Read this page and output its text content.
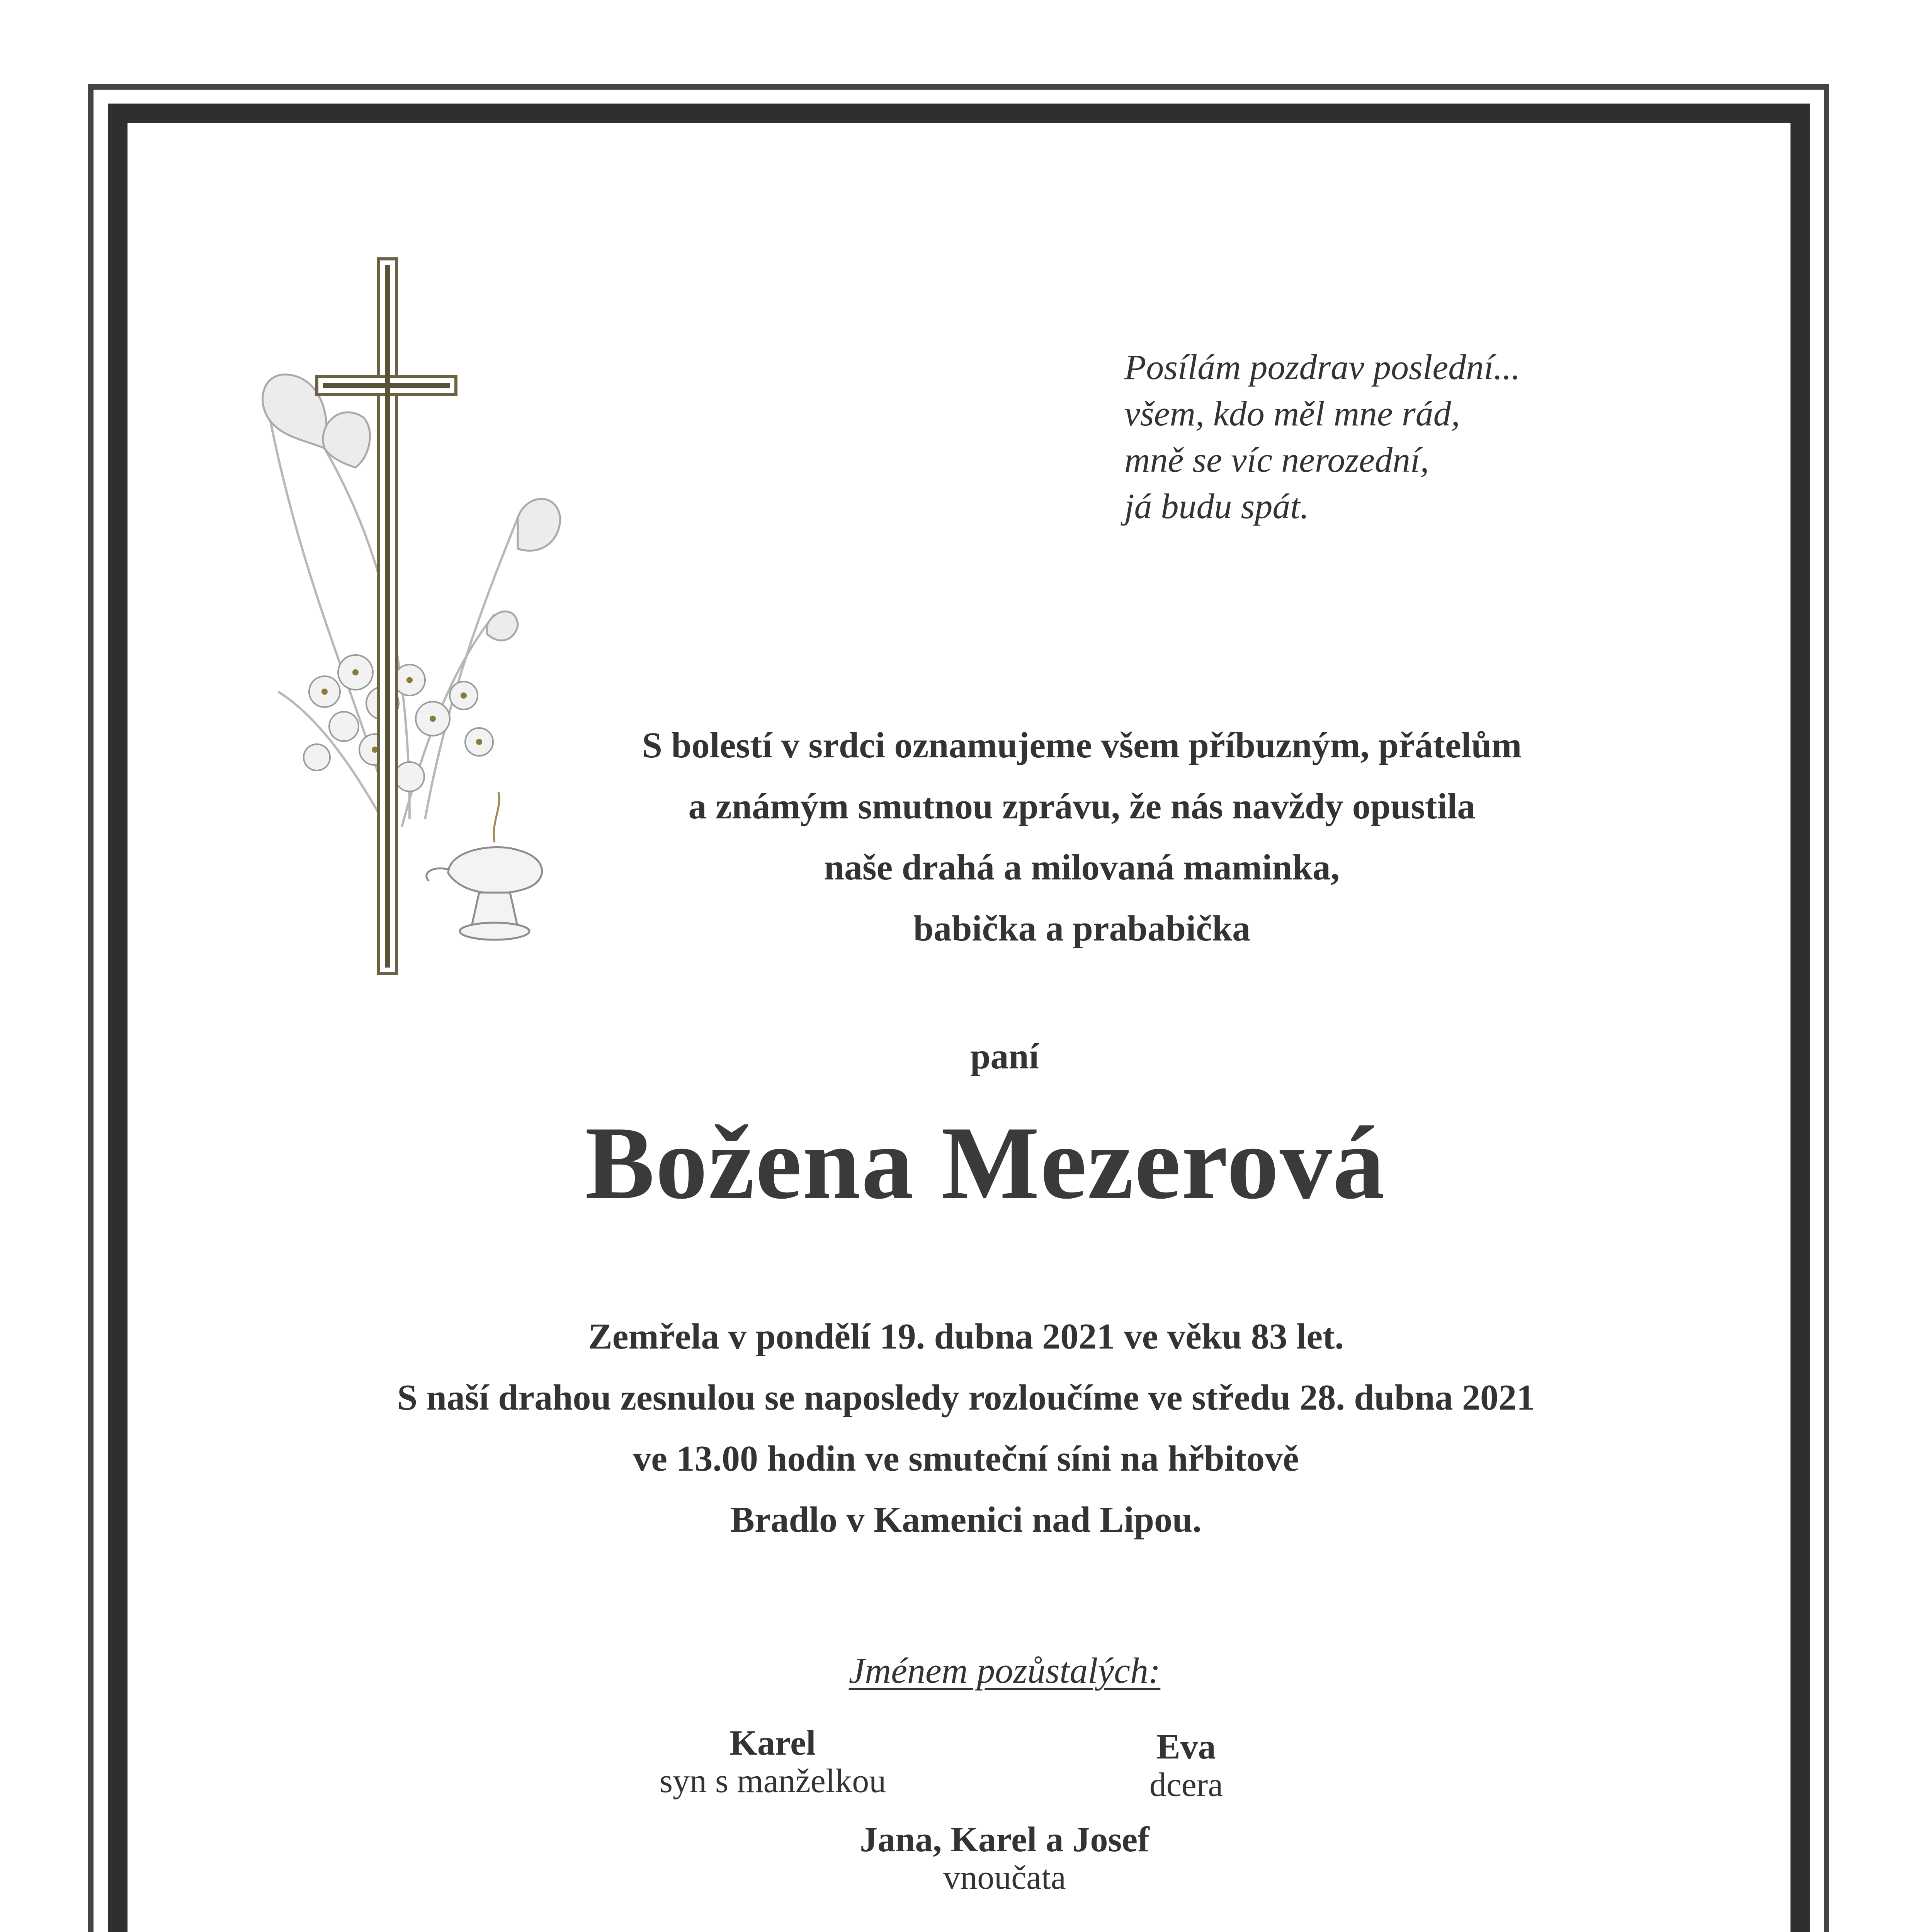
Posílám pozdrav poslední...
všem, kdo měl mne rád,
mně se víc nerozední,
já budu spát.
S bolestí v srdci oznamujeme všem příbuzným, přátelům
a známým smutnou zprávu, že nás navždy opustila
naše drahá a milovaná maminka,
babička a prababička
paní
Božena Mezerová
Zemřela v pondělí 19. dubna 2021 ve věku 83 let.
S naší drahou zesnulou se naposledy rozloučíme ve středu 28. dubna 2021
ve 13.00 hodin ve smuteční síni na hřbitově
Bradlo v Kamenici nad Lipou.
Jménem pozůstalých:
Karel
syn s manželkou
Eva
dcera
Jana, Karel a Josef
vnoučata
